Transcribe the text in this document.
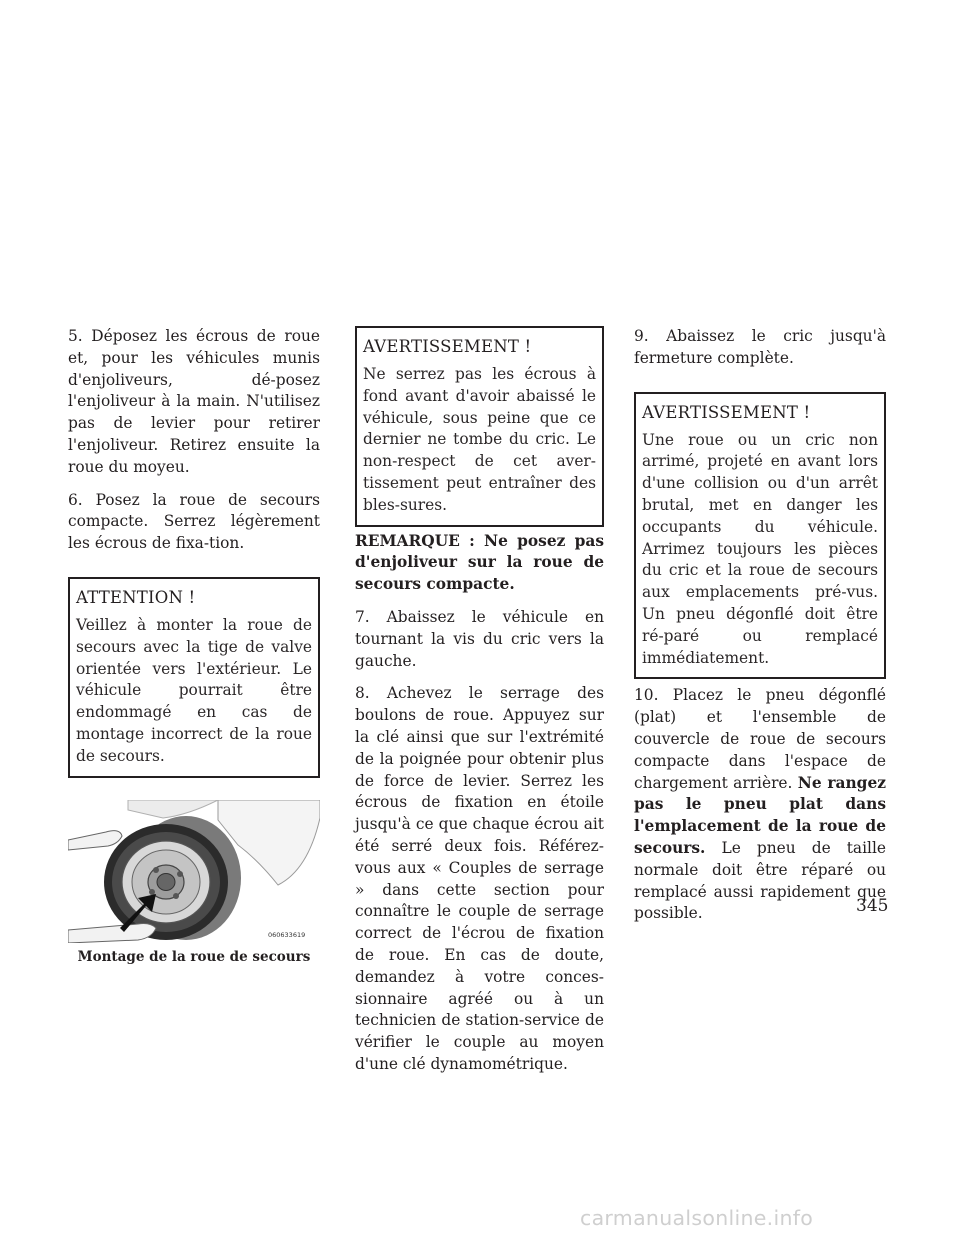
5. Déposez les écrous de roue et, pour les véhicules munis d'enjoliveurs, dé-posez l'enjoliveur à la main. N'utilisez pas de levier pour retirer l'enjoliveur. Retirez ensuite la roue du moyeu.

6. Posez la roue de secours compacte. Serrez légèrement les écrous de fixa-tion.

ATTENTION !
Veillez à monter la roue de secours avec la tige de valve orientée vers l'extérieur. Le véhicule pourrait être endommagé en cas de montage incorrect de la roue de secours.
060633619
Montage de la roue de secours
AVERTISSEMENT !
Ne serrez pas les écrous à fond avant d'avoir abaissé le véhicule, sous peine que ce dernier ne tombe du cric. Le non-respect de cet aver-tissement peut entraîner des bles-sures.

REMARQUE : Ne posez pas d'enjoliveur sur la roue de secours compacte.

7. Abaissez le véhicule en tournant la vis du cric vers la gauche.

8. Achevez le serrage des boulons de roue. Appuyez sur la clé ainsi que sur l'extrémité de la poignée pour obtenir plus de force de levier. Serrez les écrous de fixation en étoile jusqu'à ce que chaque écrou ait été serré deux fois. Référez-vous aux « Couples de serrage » dans cette section pour connaître le couple de serrage correct de l'écrou de fixation de roue. En cas de doute, demandez à votre conces-sionnaire agréé ou à un technicien de station-service de vérifier le couple au moyen d'une clé dynamométrique.

9. Abaissez le cric jusqu'à fermeture complète.

AVERTISSEMENT !
Une roue ou un cric non arrimé, projeté en avant lors d'une collision ou d'un arrêt brutal, met en danger les occupants du véhicule. Arrimez toujours les pièces du cric et la roue de secours aux emplacements pré-vus. Un pneu dégonflé doit être ré-paré ou remplacé immédiatement.

10. Placez le pneu dégonflé (plat) et l'ensemble de couvercle de roue de secours compacte dans l'espace de chargement arrière. Ne rangez pas le pneu plat dans l'emplacement de la roue de secours. Le pneu de taille normale doit être réparé ou remplacé aussi rapidement que possible.	345
carmanualsonline.info
